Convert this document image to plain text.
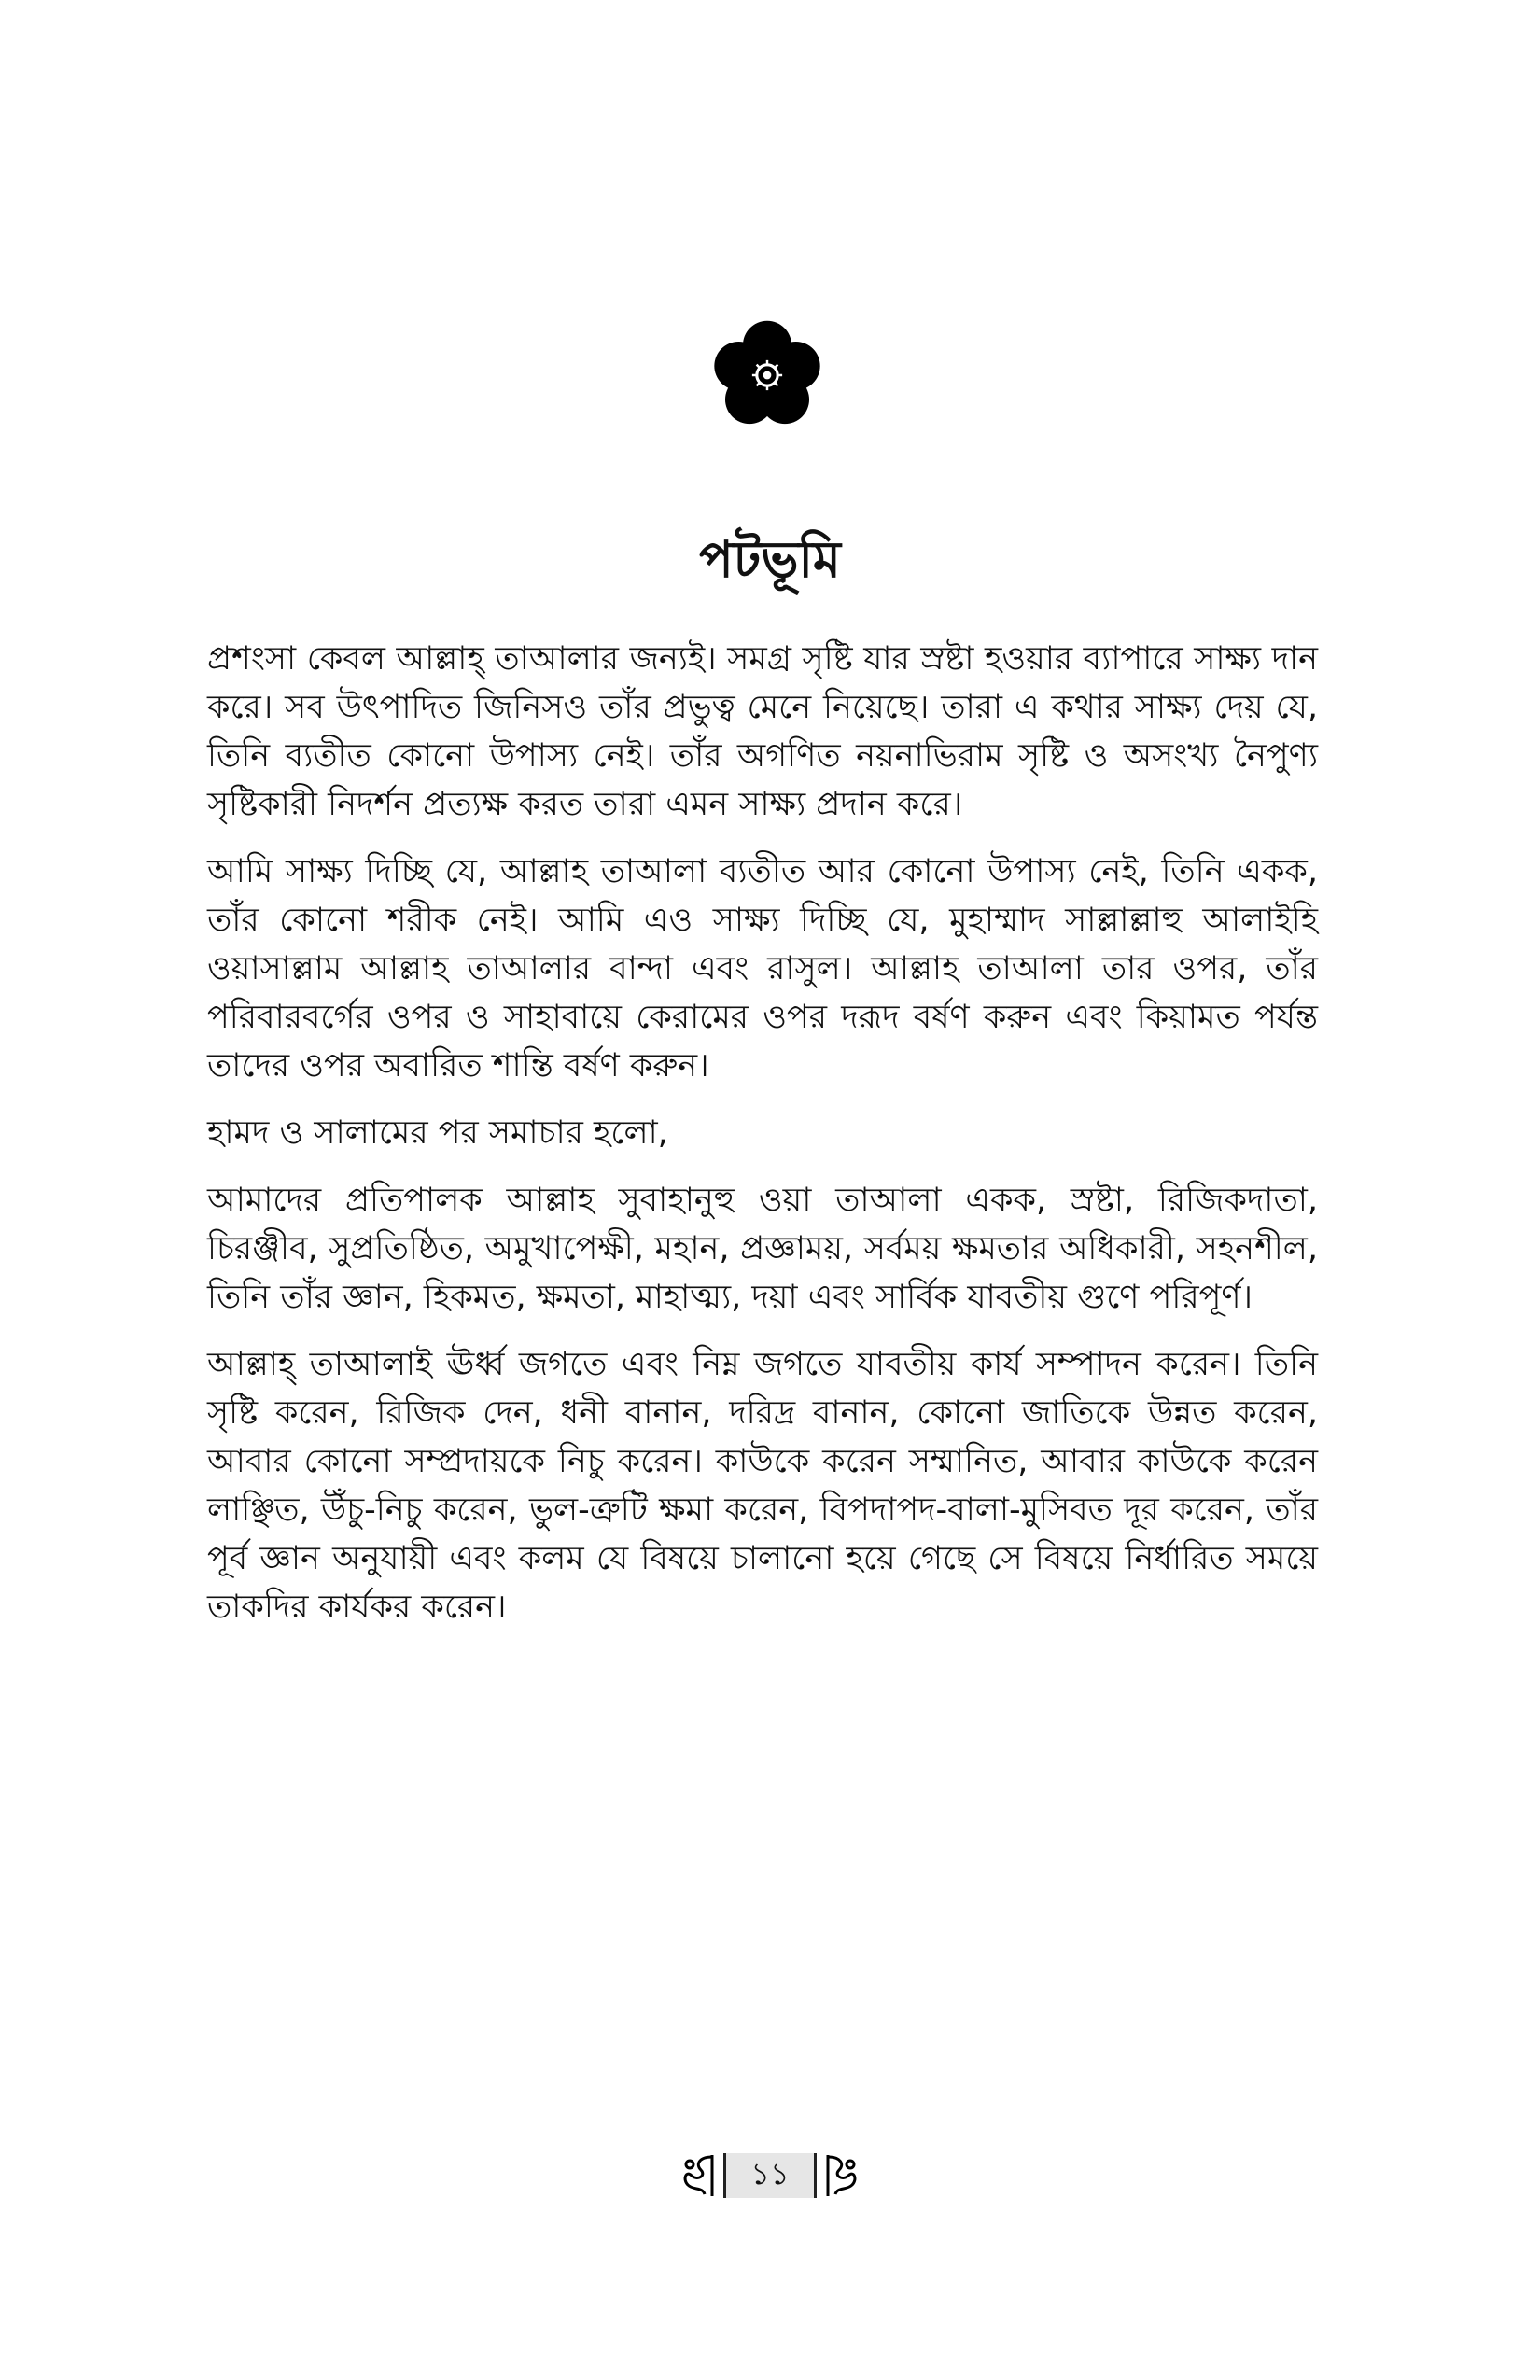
পটভূমি

প্রশংসা কেবল আল্লাহ্‌ তাআলার জন্যই। সমগ্র সৃষ্টি যার স্রষ্টা হওয়ার ব্যাপারে সাক্ষ্য দান করে। সব উৎপাদিত জিনিসও তাঁর প্রভুত্ব মেনে নিয়েছে। তারা এ কথার সাক্ষ্য দেয় যে, তিনি ব্যতীত কোনো উপাস্য নেই। তাঁর অগণিত নয়নাভিরাম সৃষ্টি ও অসংখ্য নৈপুণ্য সৃষ্টিকারী নিদর্শন প্রত্যক্ষ করত তারা এমন সাক্ষ্য প্রদান করে।

আমি সাক্ষ্য দিচ্ছি যে, আল্লাহ তাআলা ব্যতীত আর কোনো উপাস্য নেই, তিনি একক, তাঁর কোনো শরীক নেই। আমি এও সাক্ষ্য দিচ্ছি যে, মুহাম্মাদ সাল্লাল্লাহু আলাইহি ওয়াসাল্লাম আল্লাহ তাআলার বান্দা এবং রাসুল। আল্লাহ তাআলা তার ওপর, তাঁর পরিবারবর্গের ওপর ও সাহাবায়ে কেরামের ওপর দরূদ বর্ষণ করুন এবং কিয়ামত পর্যন্ত তাদের ওপর অবারিত শান্তি বর্ষণ করুন।

হামদ ও সালামের পর সমাচার হলো,

আমাদের প্রতিপালক আল্লাহ সুবাহানুহু ওয়া তাআলা একক, স্রষ্টা, রিজিকদাতা, চিরঞ্জীব, সুপ্রতিষ্ঠিত, অমুখাপেক্ষী, মহান, প্রজ্ঞাময়, সর্বময় ক্ষমতার অধিকারী, সহনশীল, তিনি তাঁর জ্ঞান, হিকমত, ক্ষমতা, মাহাত্ম্য, দয়া এবং সার্বিক যাবতীয় গুণে পরিপূর্ণ।

আল্লাহ্‌ তাআলাই ঊর্ধ্ব জগতে এবং নিম্ন জগতে যাবতীয় কার্য সম্পাদন করেন। তিনি সৃষ্টি করেন, রিজিক দেন, ধনী বানান, দরিদ্র বানান, কোনো জাতিকে উন্নত করেন, আবার কোনো সম্প্রদায়কে নিচু করেন। কাউকে করেন সম্মানিত, আবার কাউকে করেন লাঞ্ছিত, উঁচু-নিচু করেন, ভুল-ত্রুটি ক্ষমা করেন, বিপদাপদ-বালা-মুসিবত দূর করেন, তাঁর পূর্ব জ্ঞান অনুযায়ী এবং কলম যে বিষয়ে চালানো হয়ে গেছে সে বিষয়ে নির্ধারিত সময়ে তাকদির কার্যকর করেন।

১১
